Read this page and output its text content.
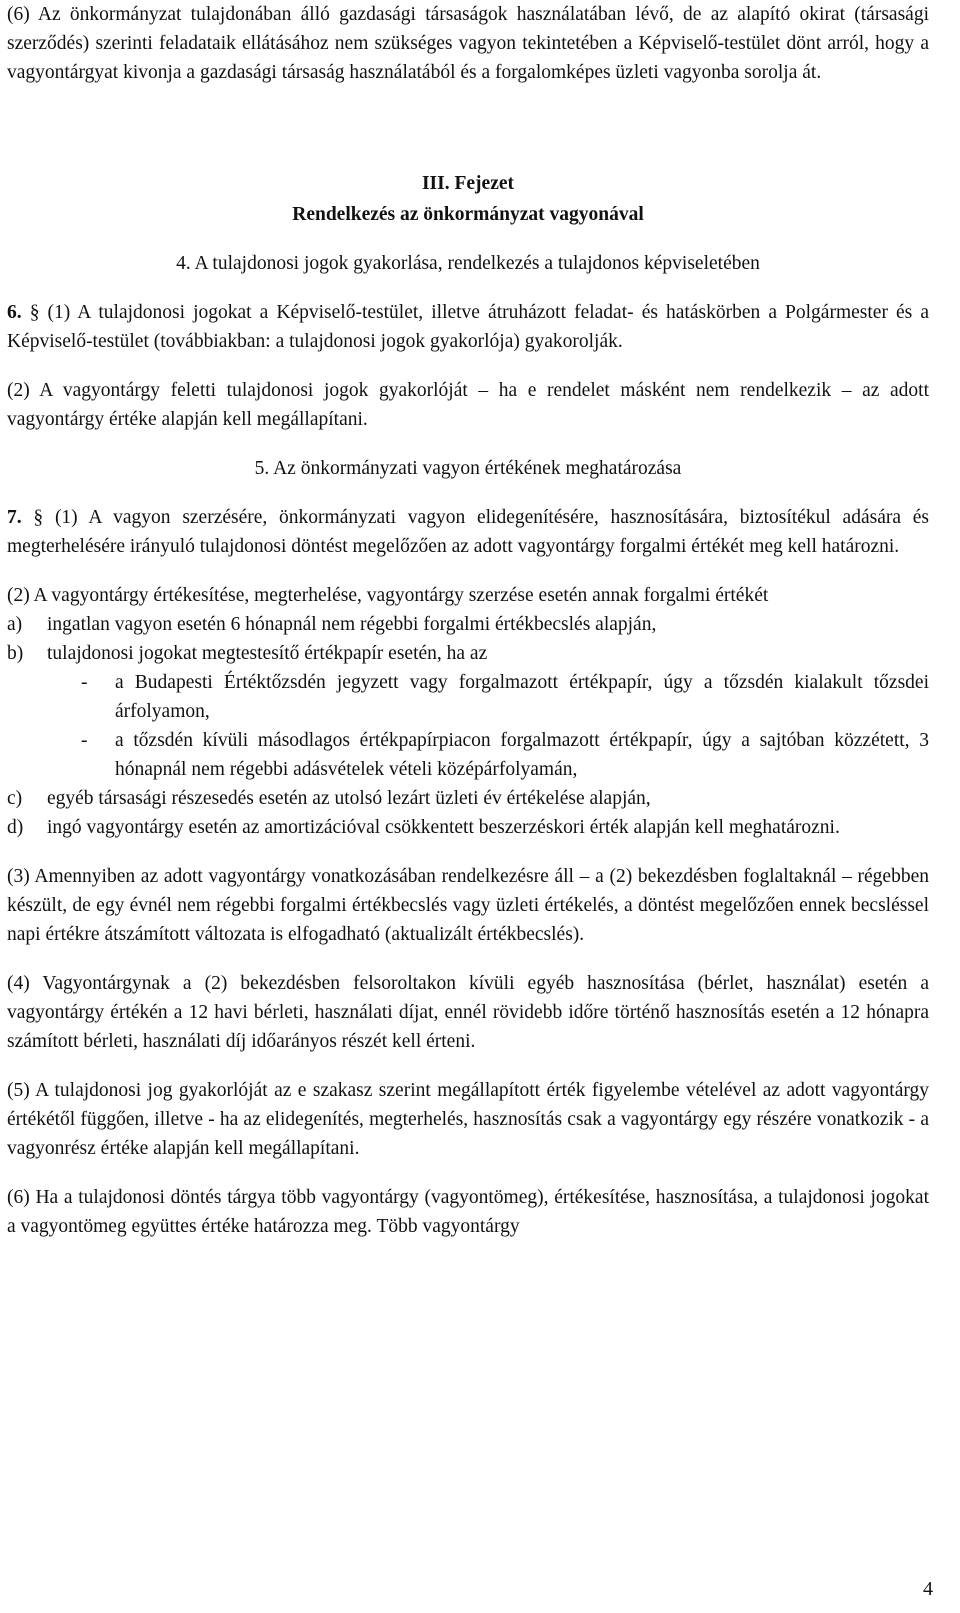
(6) Az önkormányzat tulajdonában álló gazdasági társaságok használatában lévő, de az alapító okirat (társasági szerződés) szerinti feladataik ellátásához nem szükséges vagyon tekintetében a Képviselő-testület dönt arról, hogy a vagyontárgyat kivonja a gazdasági társaság használatából és a forgalomképes üzleti vagyonba sorolja át.

III. Fejezet

Rendelkezés az önkormányzat vagyonával

4. A tulajdonosi jogok gyakorlása, rendelkezés a tulajdonos képviseletében

6. § (1) A tulajdonosi jogokat a Képviselő-testület, illetve átruházott feladat- és hatáskörben a Polgármester és a Képviselő-testület (továbbiakban: a tulajdonosi jogok gyakorlója) gyakorolják.

(2) A vagyontárgy feletti tulajdonosi jogok gyakorlóját – ha e rendelet másként nem rendelkezik – az adott vagyontárgy értéke alapján kell megállapítani.

5. Az önkormányzati vagyon értékének meghatározása

7. § (1) A vagyon szerzésére, önkormányzati vagyon elidegenítésére, hasznosítására, biztosítékul adására és megterhelésére irányuló tulajdonosi döntést megelőzően az adott vagyontárgy forgalmi értékét meg kell határozni.

(2) A vagyontárgy értékesítése, megterhelése, vagyontárgy szerzése esetén annak forgalmi értékét

a)	ingatlan vagyon esetén 6 hónapnál nem régebbi forgalmi értékbecslés alapján,
b)	tulajdonosi jogokat megtestesítő értékpapír esetén, ha az
-	a Budapesti Értéktőzsdén jegyzett vagy forgalmazott értékpapír, úgy a tőzsdén kialakult tőzsdei árfolyamon,
-	a tőzsdén kívüli másodlagos értékpapírpiacon forgalmazott értékpapír, úgy a sajtóban közzétett, 3 hónapnál nem régebbi adásvételek vételi középárfolyamán,
c)	egyéb társasági részesedés esetén az utolsó lezárt üzleti év értékelése alapján,
d)	ingó vagyontárgy esetén az amortizációval csökkentett beszerzéskori érték alapján kell meghatározni.

(3) Amennyiben az adott vagyontárgy vonatkozásában rendelkezésre áll – a (2) bekezdésben foglaltaknál – régebben készült, de egy évnél nem régebbi forgalmi értékbecslés vagy üzleti értékelés, a döntést megelőzően ennek becsléssel napi értékre átszámított változata is elfogadható (aktualizált értékbecslés).

(4) Vagyontárgynak a (2) bekezdésben felsoroltakon kívüli egyéb hasznosítása (bérlet, használat) esetén a vagyontárgy értékén a 12 havi bérleti, használati díjat, ennél rövidebb időre történő hasznosítás esetén a 12 hónapra számított bérleti, használati díj időarányos részét kell érteni.

(5) A tulajdonosi jog gyakorlóját az e szakasz szerint megállapított érték figyelembe vételével az adott vagyontárgy értékétől függően, illetve - ha az elidegenítés, megterhelés, hasznosítás csak a vagyontárgy egy részére vonatkozik - a vagyonrész értéke alapján kell megállapítani.

(6) Ha a tulajdonosi döntés tárgya több vagyontárgy (vagyontömeg), értékesítése, hasznosítása, a tulajdonosi jogokat a vagyontömeg együttes értéke határozza meg. Több vagyontárgy

4
